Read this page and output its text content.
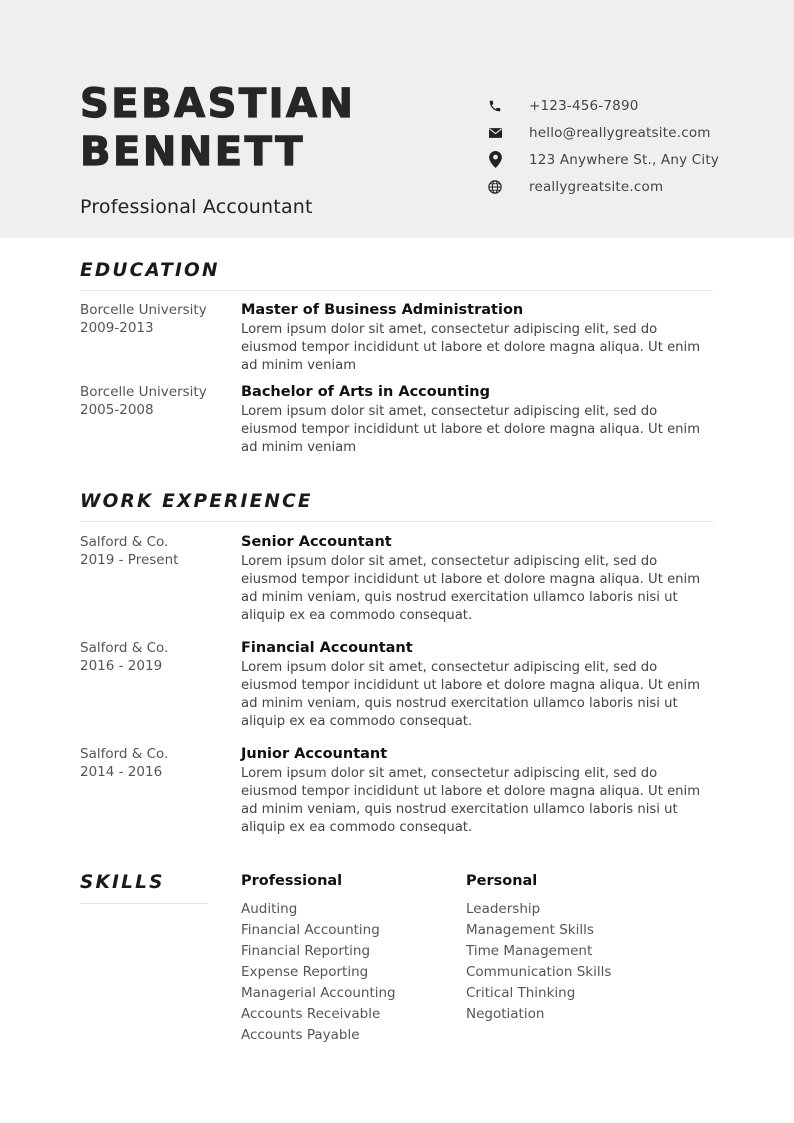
SEBASTIAN
BENNETT
Professional Accountant
+123-456-7890
hello@reallygreatsite.com
123 Anywhere St., Any City
reallygreatsite.com
EDUCATION
Borcelle University
2009-2013
Master of Business Administration
Lorem ipsum dolor sit amet, consectetur adipiscing elit, sed do eiusmod tempor incididunt ut labore et dolore magna aliqua. Ut enim ad minim veniam
Borcelle University
2005-2008
Bachelor of Arts in Accounting
Lorem ipsum dolor sit amet, consectetur adipiscing elit, sed do eiusmod tempor incididunt ut labore et dolore magna aliqua. Ut enim ad minim veniam
WORK EXPERIENCE
Salford & Co.
2019 - Present
Senior Accountant
Lorem ipsum dolor sit amet, consectetur adipiscing elit, sed do eiusmod tempor incididunt ut labore et dolore magna aliqua. Ut enim ad minim veniam, quis nostrud exercitation ullamco laboris nisi ut aliquip ex ea commodo consequat.
Salford & Co.
2016 - 2019
Financial Accountant
Lorem ipsum dolor sit amet, consectetur adipiscing elit, sed do eiusmod tempor incididunt ut labore et dolore magna aliqua. Ut enim ad minim veniam, quis nostrud exercitation ullamco laboris nisi ut aliquip ex ea commodo consequat.
Salford & Co.
2014 - 2016
Junior Accountant
Lorem ipsum dolor sit amet, consectetur adipiscing elit, sed do eiusmod tempor incididunt ut labore et dolore magna aliqua. Ut enim ad minim veniam, quis nostrud exercitation ullamco laboris nisi ut aliquip ex ea commodo consequat.
SKILLS	Professional
Auditing
Financial Accounting
Financial Reporting
Expense Reporting
Managerial Accounting
Accounts Receivable
Accounts Payable
Personal
Leadership
Management Skills
Time Management
Communication Skills
Critical Thinking
Negotiation
